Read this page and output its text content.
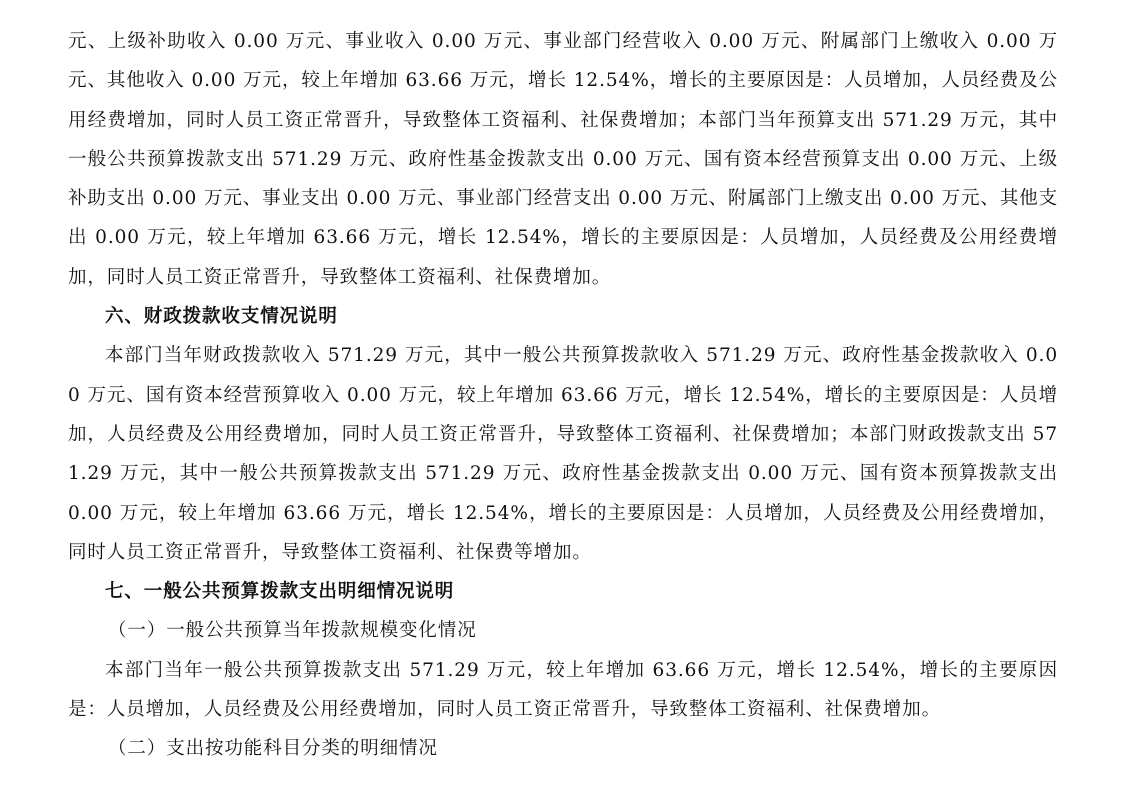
元、上级补助收入 0.00 万元、事业收入 0.00 万元、事业部门经营收入 0.00 万元、附属部门上缴收入 0.00 万元、其他收入 0.00 万元，较上年增加 63.66 万元，增长 12.54%，增长的主要原因是：人员增加，人员经费及公用经费增加，同时人员工资正常晋升，导致整体工资福利、社保费增加；本部门当年预算支出 571.29 万元，其中一般公共预算拨款支出 571.29 万元、政府性基金拨款支出 0.00 万元、国有资本经营预算支出 0.00 万元、上级补助支出 0.00 万元、事业支出 0.00 万元、事业部门经营支出 0.00 万元、附属部门上缴支出 0.00 万元、其他支出 0.00 万元，较上年增加 63.66 万元，增长 12.54%，增长的主要原因是：人员增加，人员经费及公用经费增加，同时人员工资正常晋升，导致整体工资福利、社保费增加。

六、财政拨款收支情况说明

本部门当年财政拨款收入 571.29 万元，其中一般公共预算拨款收入 571.29 万元、政府性基金拨款收入 0.00 万元、国有资本经营预算收入 0.00 万元，较上年增加 63.66 万元，增长 12.54%，增长的主要原因是：人员增加，人员经费及公用经费增加，同时人员工资正常晋升，导致整体工资福利、社保费增加；本部门财政拨款支出 571.29 万元，其中一般公共预算拨款支出 571.29 万元、政府性基金拨款支出 0.00 万元、国有资本预算拨款支出 0.00 万元，较上年增加 63.66 万元，增长 12.54%，增长的主要原因是：人员增加，人员经费及公用经费增加，同时人员工资正常晋升，导致整体工资福利、社保费等增加。

七、一般公共预算拨款支出明细情况说明

（一）一般公共预算当年拨款规模变化情况

本部门当年一般公共预算拨款支出 571.29 万元，较上年增加 63.66 万元，增长 12.54%，增长的主要原因是：人员增加，人员经费及公用经费增加，同时人员工资正常晋升，导致整体工资福利、社保费增加。

（二）支出按功能科目分类的明细情况
